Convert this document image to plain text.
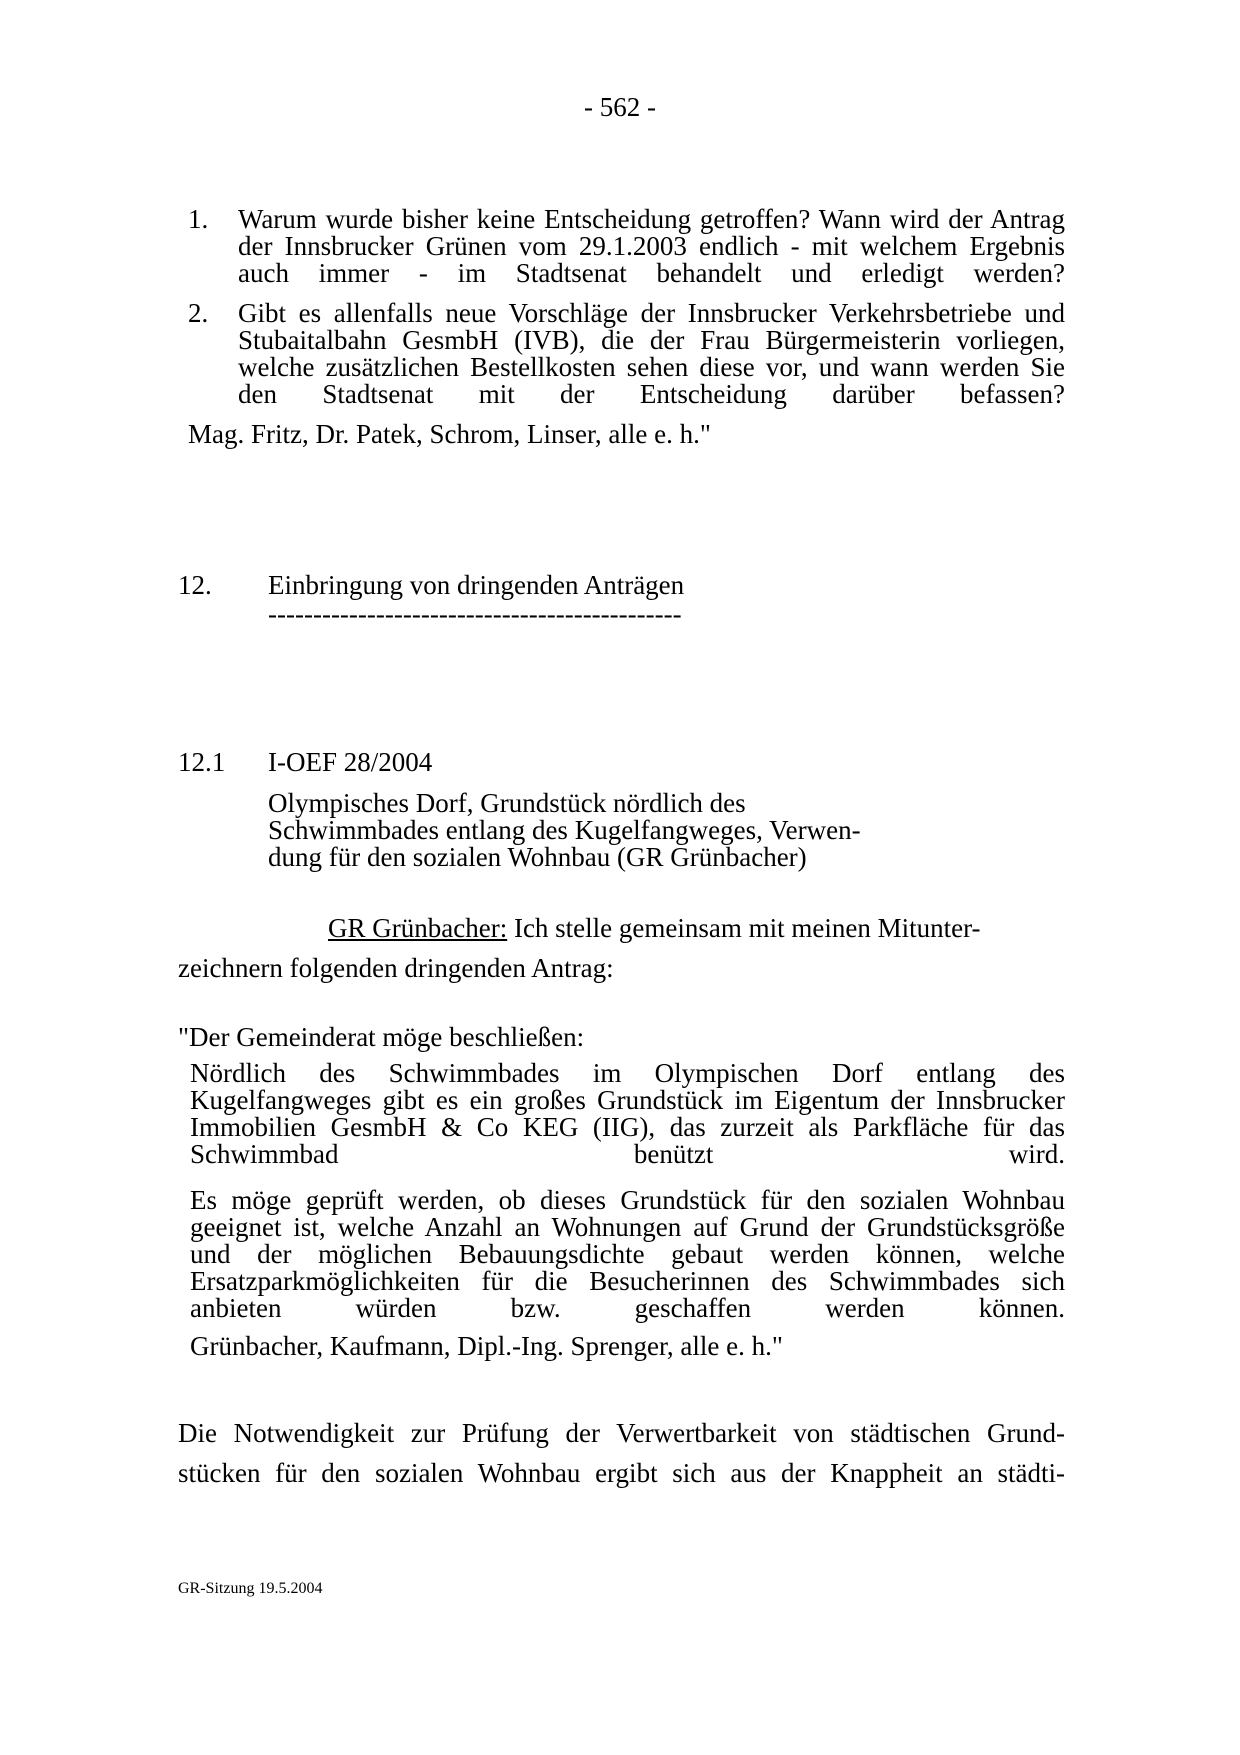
- 562 -
1. Warum wurde bisher keine Entscheidung getroffen? Wann wird der Antrag der Innsbrucker Grünen vom 29.1.2003 endlich - mit welchem Ergebnis auch immer - im Stadtsenat behandelt und erledigt werden?
2. Gibt es allenfalls neue Vorschläge der Innsbrucker Verkehrsbetriebe und Stubaitalbahn GesmbH (IVB), die der Frau Bürgermeisterin vorliegen, welche zusätzlichen Bestellkosten sehen diese vor, und wann werden Sie den Stadtsenat mit der Entscheidung darüber befassen?
Mag. Fritz, Dr. Patek, Schrom, Linser, alle e. h."
12. Einbringung von dringenden Anträgen
----------------------------------------------
12.1 I-OEF 28/2004
Olympisches Dorf, Grundstück nördlich des
Schwimmbades entlang des Kugelfangweges, Verwen-
dung für den sozialen Wohnbau (GR Grünbacher)
GR Grünbacher: Ich stelle gemeinsam mit meinen Mitunter-
zeichnern folgenden dringenden Antrag:
"Der Gemeinderat möge beschließen:
Nördlich des Schwimmbades im Olympischen Dorf entlang des Kugelfangweges gibt es ein großes Grundstück im Eigentum der Innsbrucker Immobilien GesmbH & Co KEG (IIG), das zurzeit als Parkfläche für das Schwimmbad benützt wird.
Es möge geprüft werden, ob dieses Grundstück für den sozialen Wohnbau geeignet ist, welche Anzahl an Wohnungen auf Grund der Grundstücksgröße und der möglichen Bebauungsdichte gebaut werden können, welche Ersatzparkmöglichkeiten für die Besucherinnen des Schwimmbades sich anbieten würden bzw. geschaffen werden können.
Grünbacher, Kaufmann, Dipl.-Ing. Sprenger, alle e. h."
Die Notwendigkeit zur Prüfung der Verwertbarkeit von städtischen Grund-
stücken für den sozialen Wohnbau ergibt sich aus der Knappheit an städti-
GR-Sitzung 19.5.2004
